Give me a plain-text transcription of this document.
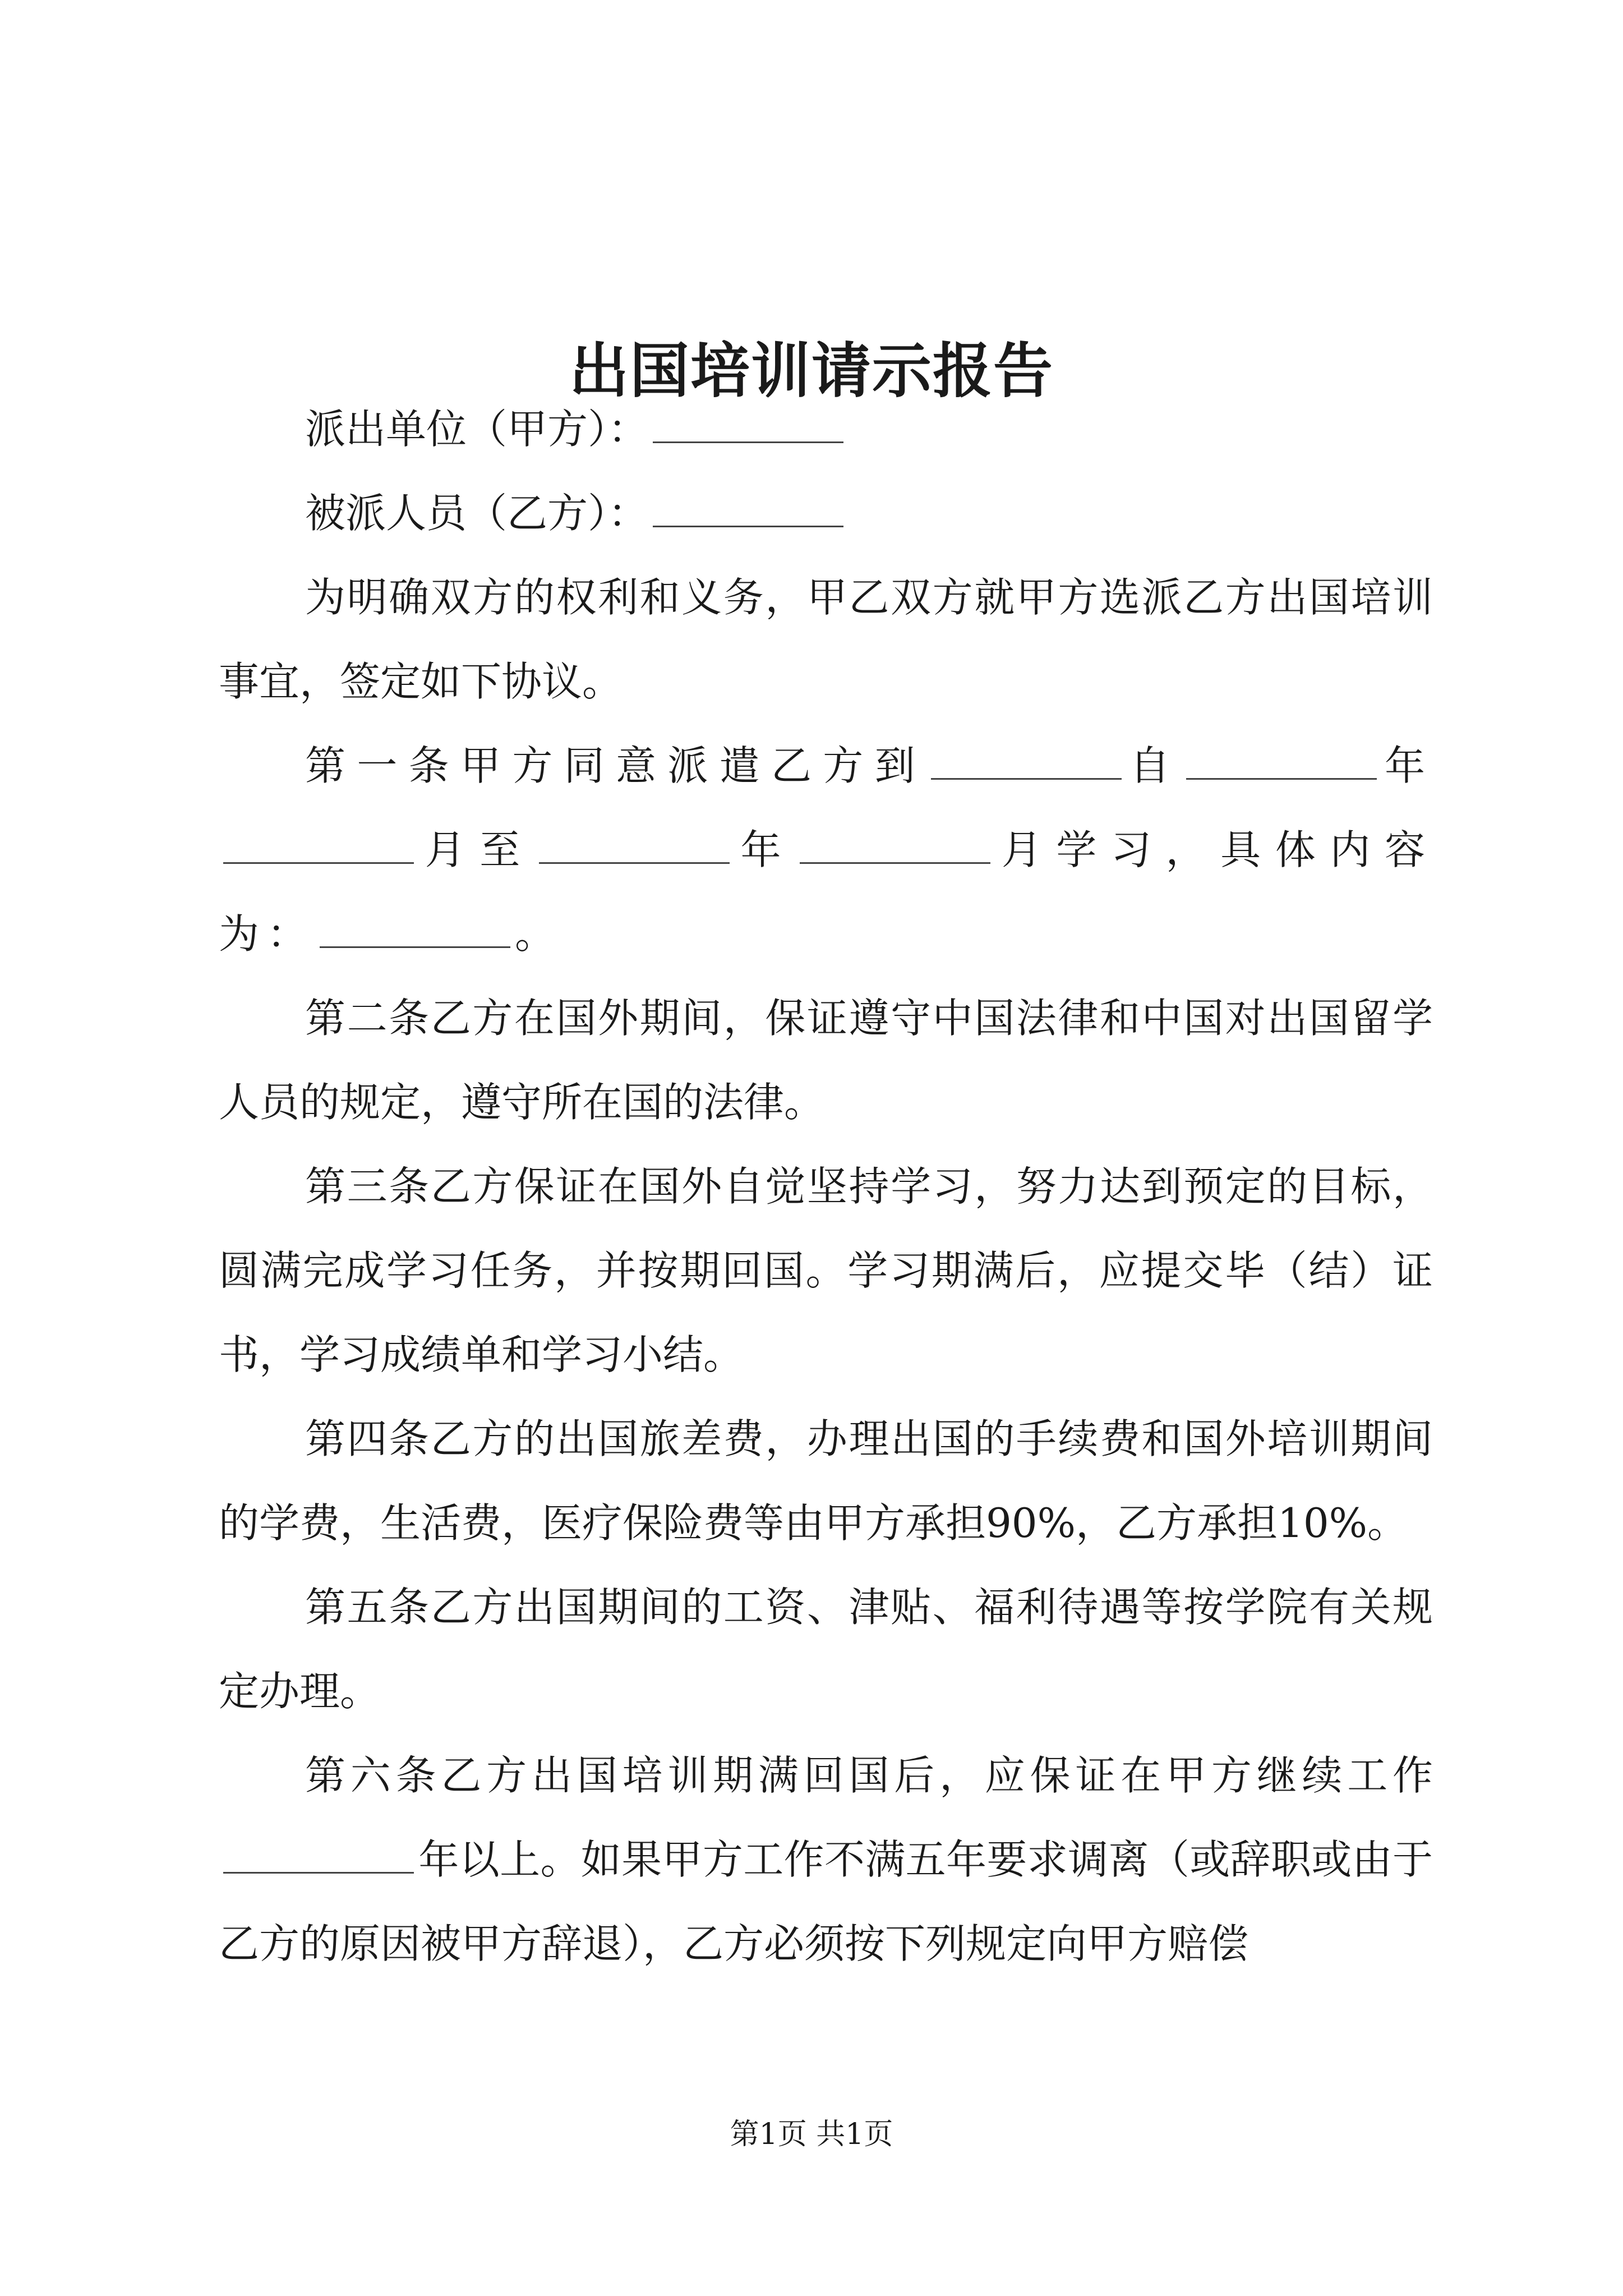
出国培训请示报告

派出单位（甲方）：

被派人员（乙方）：

为明确双方的权利和义务，甲乙双方就甲方选派乙方出国培训事宜，签定如下协议。

第一条甲方同意派遣乙方到	自	年月至	年	月学习，具体内容为：	。

第二条乙方在国外期间，保证遵守中国法律和中国对出国留学人员的规定，遵守所在国的法律。

第三条乙方保证在国外自觉坚持学习，努力达到预定的目标，圆满完成学习任务，并按期回国。学习期满后，应提交毕（结）证书，学习成绩单和学习小结。

第四条乙方的出国旅差费，办理出国的手续费和国外培训期间的学费，生活费，医疗保险费等由甲方承担90%，乙方承担10%。

第五条乙方出国期间的工资、津贴、福利待遇等按学院有关规定办理。

第六条乙方出国培训期满回国后，应保证在甲方继续工作年以上。如果甲方工作不满五年要求调离（或辞职或由于乙方的原因被甲方辞退），乙方必须按下列规定向甲方赔偿

第1页 共1页
